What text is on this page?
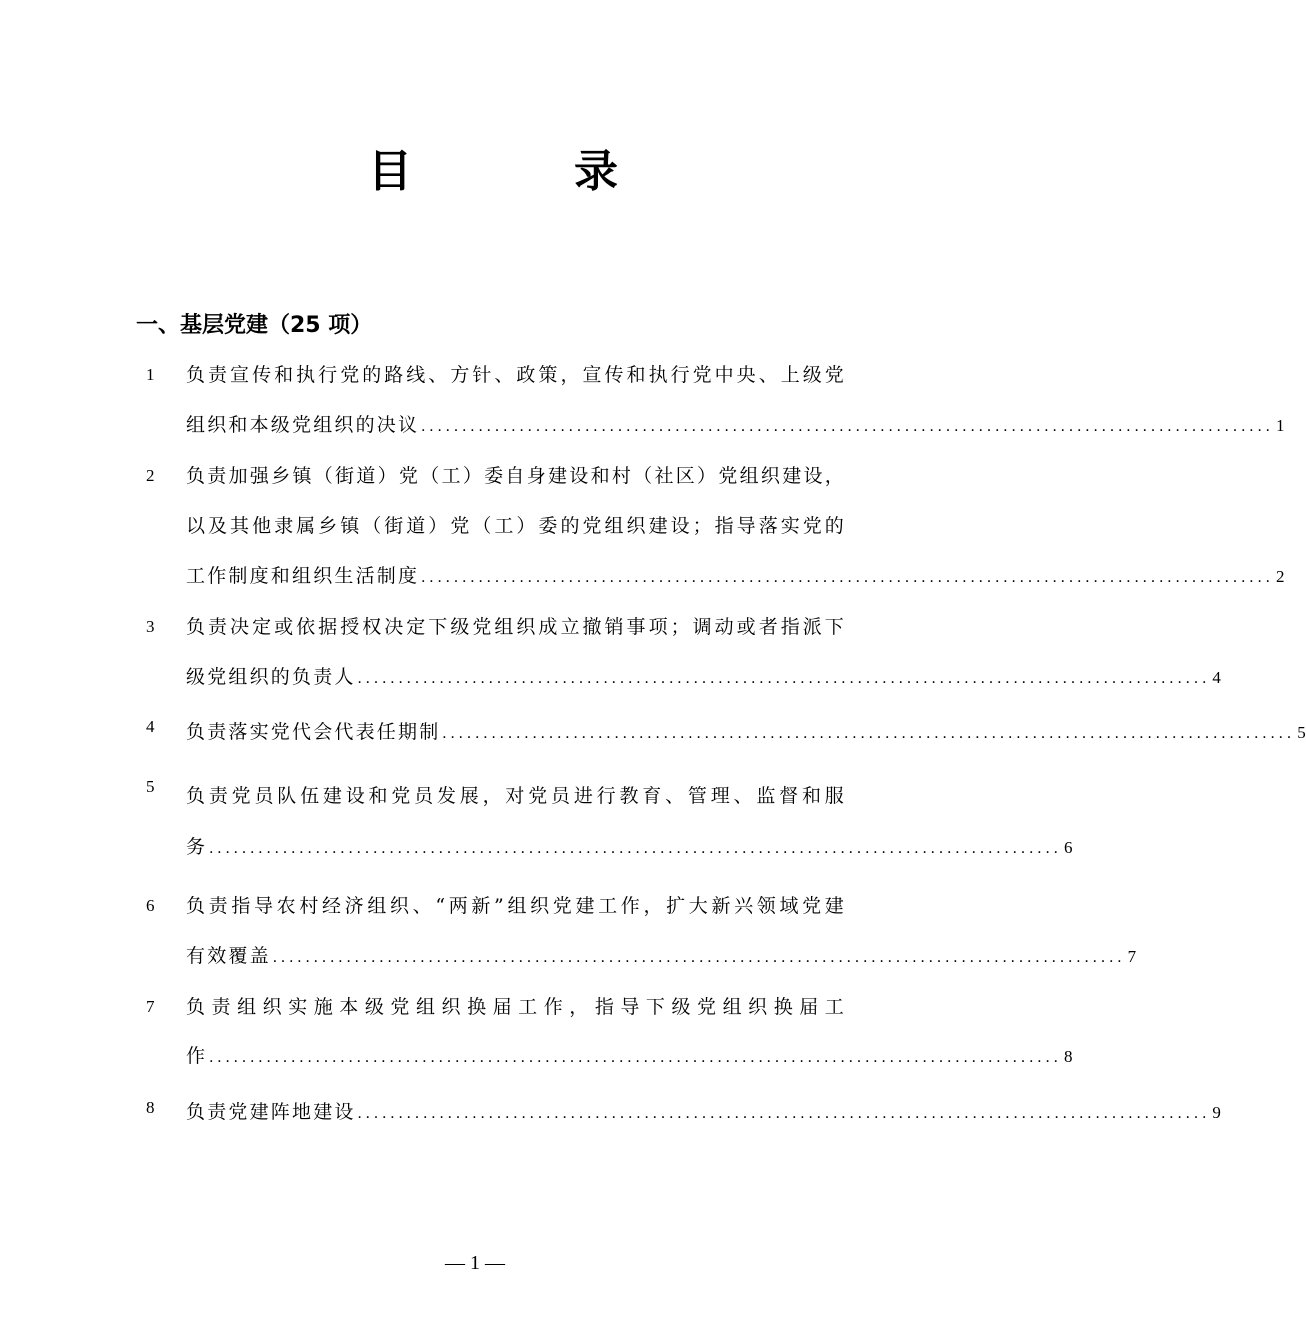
目	录
一、基层党建（25 项）
1 负责宣传和执行党的路线、方针、政策，宣传和执行党中央、上级党
组织和本级党组织的决议 ........................................................................................................ 1
2 负责加强乡镇（街道）党（工）委自身建设和村（社区）党组织建设，
以及其他隶属乡镇（街道）党（工）委的党组织建设；指导落实党的
工作制度和组织生活制度 ........................................................................................................ 2
3 负责决定或依据授权决定下级党组织成立撤销事项；调动或者指派下
级党组织的负责人 ........................................................................................................ 4
4 负责落实党代会代表任期制 ........................................................................................................ 5
5 负责党员队伍建设和党员发展，对党员进行教育、管理、监督和服
务 ........................................................................................................ 6
6 负责指导农村经济组织、“两新”组织党建工作，扩大新兴领域党建
有效覆盖 ........................................................................................................ 7
7 负责组织实施本级党组织换届工作，指导下级党组织换届工
作 ........................................................................................................ 8
8 负责党建阵地建设 ........................................................................................................ 9
— 1 —
